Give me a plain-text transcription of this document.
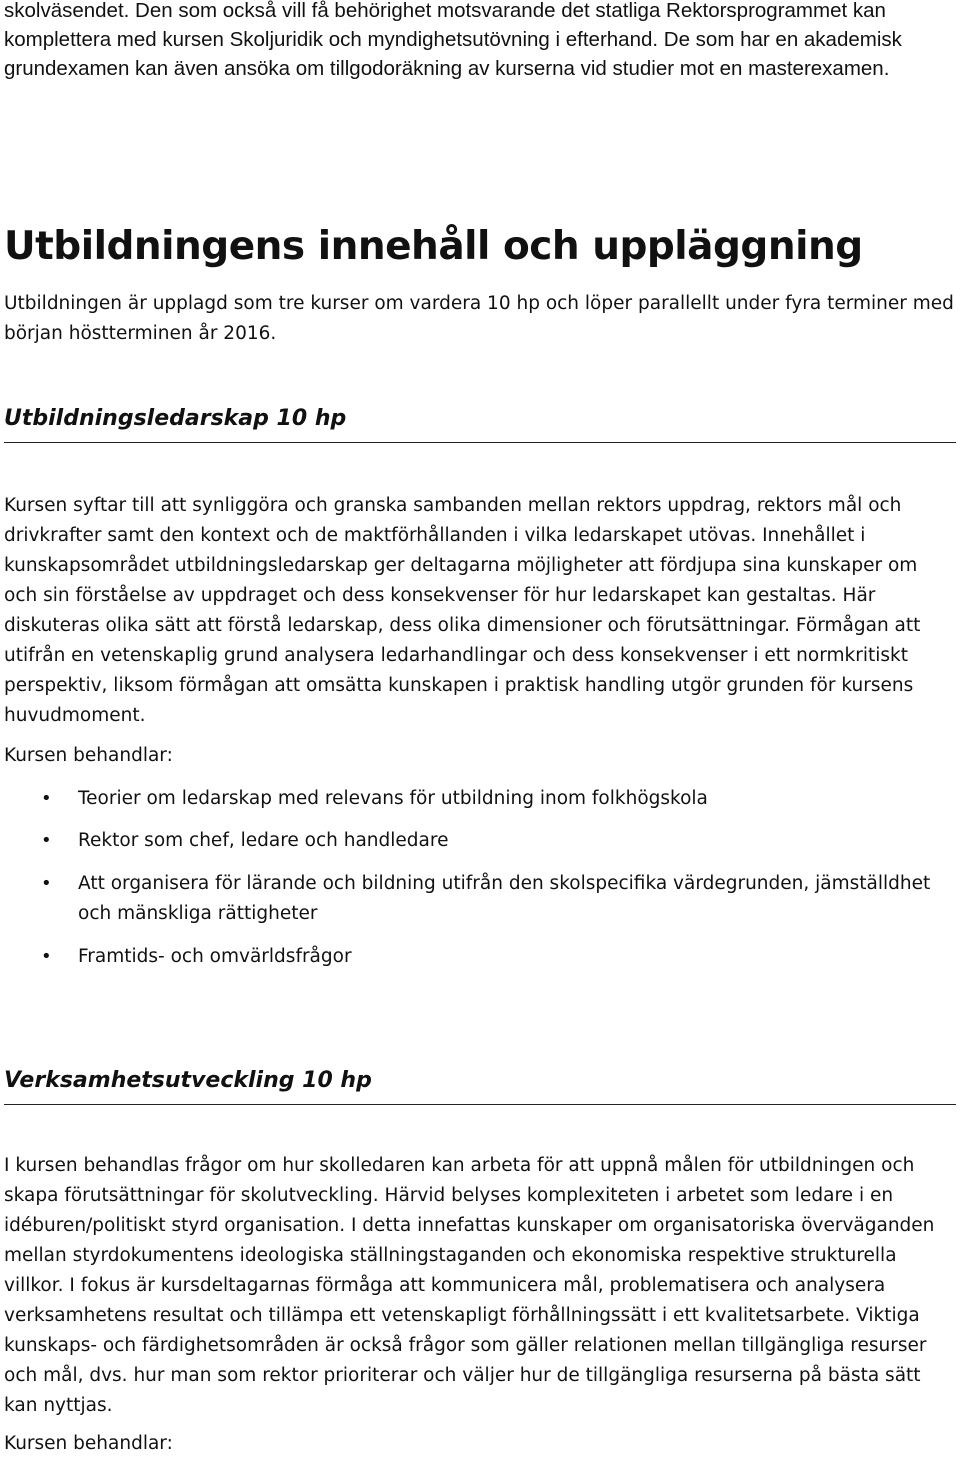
skolväsendet. Den som också vill få behörighet motsvarande det statliga Rektorsprogrammet kan komplettera med kursen Skoljuridik och myndighetsutövning i efterhand. De som har en akademisk grundexamen kan även ansöka om tillgodoräkning av kurserna vid studier mot en masterexamen.

Utbildningens innehåll och uppläggning

Utbildningen är upplagd som tre kurser om vardera 10 hp och löper parallellt under fyra terminer med början höstterminen år 2016.

Utbildningsledarskap 10 hp

Kursen syftar till att synliggöra och granska sambanden mellan rektors uppdrag, rektors mål och drivkrafter samt den kontext och de maktförhållanden i vilka ledarskapet utövas. Innehållet i kunskapsområdet utbildningsledarskap ger deltagarna möjligheter att fördjupa sina kunskaper om och sin förståelse av uppdraget och dess konsekvenser för hur ledarskapet kan gestaltas. Här diskuteras olika sätt att förstå ledarskap, dess olika dimensioner och förutsättningar. Förmågan att utifrån en vetenskaplig grund analysera ledarhandlingar och dess konsekvenser i ett normkritiskt perspektiv, liksom förmågan att omsätta kunskapen i praktisk handling utgör grunden för kursens huvudmoment.

Kursen behandlar:

• Teorier om ledarskap med relevans för utbildning inom folkhögskola
• Rektor som chef, ledare och handledare
• Att organisera för lärande och bildning utifrån den skolspecifika värdegrunden, jämställdhet och mänskliga rättigheter
• Framtids- och omvärldsfrågor
Verksamhetsutveckling 10 hp

I kursen behandlas frågor om hur skolledaren kan arbeta för att uppnå målen för utbildningen och skapa förutsättningar för skolutveckling. Härvid belyses komplexiteten i arbetet som ledare i en idéburen/politiskt styrd organisation. I detta innefattas kunskaper om organisatoriska överväganden mellan styrdokumentens ideologiska ställningstaganden och ekonomiska respektive strukturella villkor. I fokus är kursdeltagarnas förmåga att kommunicera mål, problematisera och analysera verksamhetens resultat och tillämpa ett vetenskapligt förhållningssätt i ett kvalitetsarbete. Viktiga kunskaps- och färdighetsområden är också frågor som gäller relationen mellan tillgängliga resurser och mål, dvs. hur man som rektor prioriterar och väljer hur de tillgängliga resurserna på bästa sätt kan nyttjas.

Kursen behandlar:
